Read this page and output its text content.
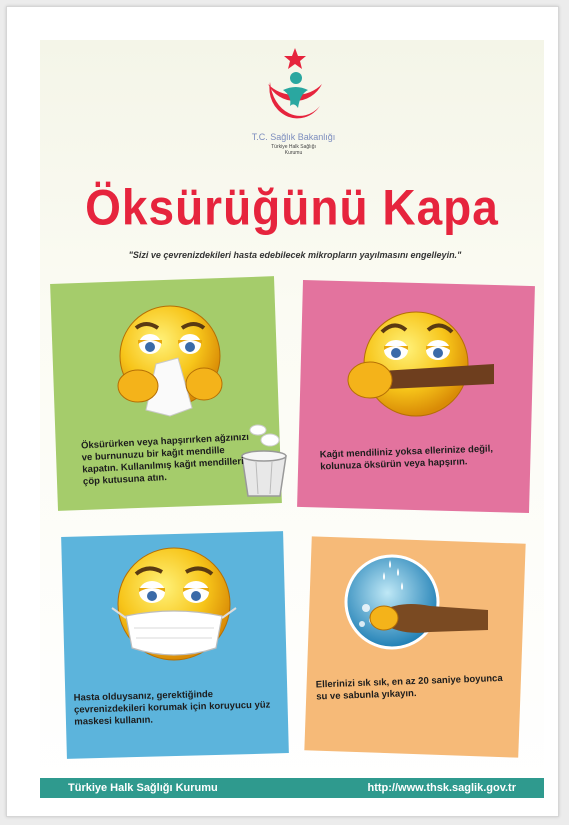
T.C. Sağlık Bakanlığı
Türkiye Halk Sağlığı
Kurumu
Öksürüğünü Kapa
"Sizi ve çevrenizdekileri hasta edebilecek mikropların yayılmasını engelleyin."
Öksürürken veya hapşırırken ağzınızı ve burnunuzu bir kağıt mendille kapatın. Kullanılmış kağıt mendilleri çöp kutusuna atın.
Kağıt mendiliniz yoksa ellerinize değil, kolunuza öksürün veya hapşırın.
Hasta olduysanız, gerektiğinde çevrenizdekileri korumak için koruyucu yüz maskesi kullanın.
Ellerinizi sık sık, en az 20 saniye boyunca su ve sabunla yıkayın.
Türkiye Halk Sağlığı Kurumu	http://www.thsk.saglik.gov.tr
